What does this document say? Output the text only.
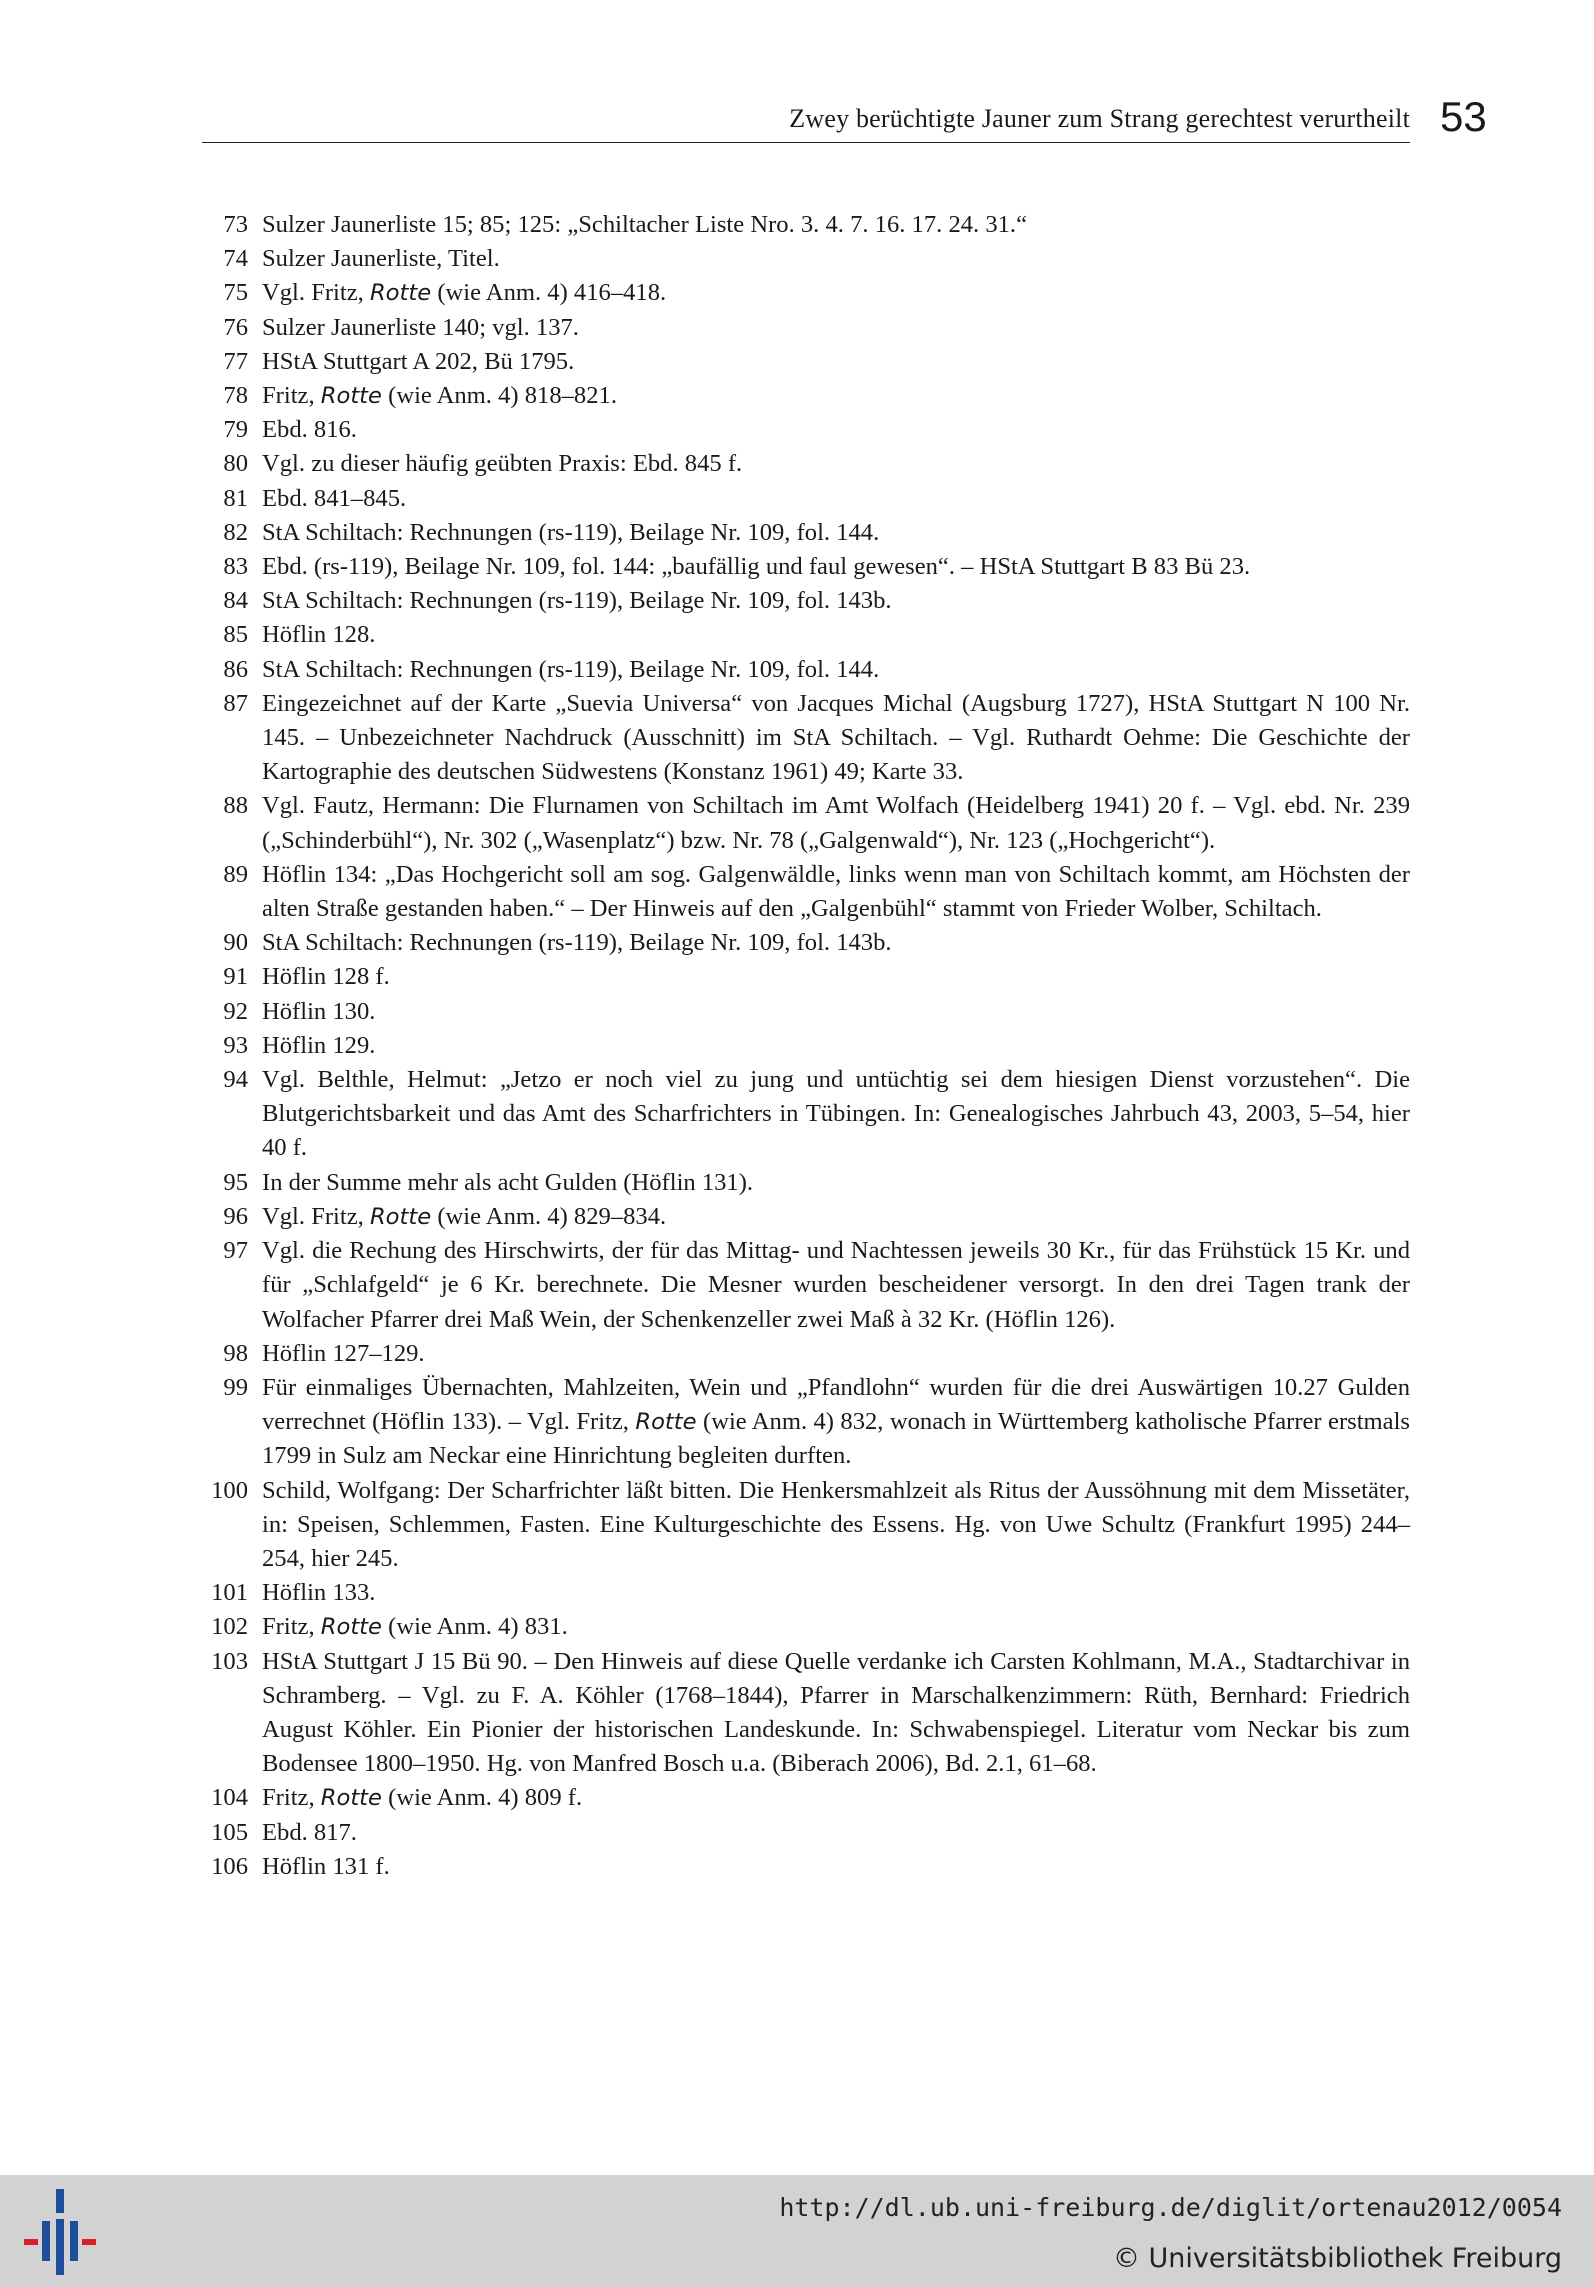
Zwey berüchtigte Jauner zum Strang gerechtest verurtheilt 53
73 Sulzer Jaunerliste 15; 85; 125: „Schiltacher Liste Nro. 3. 4. 7. 16. 17. 24. 31.“
74 Sulzer Jaunerliste, Titel.
75 Vgl. Fritz, Rotte (wie Anm. 4) 416–418.
76 Sulzer Jaunerliste 140; vgl. 137.
77 HStA Stuttgart A 202, Bü 1795.
78 Fritz, Rotte (wie Anm. 4) 818–821.
79 Ebd. 816.
80 Vgl. zu dieser häufig geübten Praxis: Ebd. 845 f.
81 Ebd. 841–845.
82 StA Schiltach: Rechnungen (rs-119), Beilage Nr. 109, fol. 144.
83 Ebd. (rs-119), Beilage Nr. 109, fol. 144: „baufällig und faul gewesen“. – HStA Stuttgart B 83 Bü 23.
84 StA Schiltach: Rechnungen (rs-119), Beilage Nr. 109, fol. 143b.
85 Höflin 128.
86 StA Schiltach: Rechnungen (rs-119), Beilage Nr. 109, fol. 144.
87 Eingezeichnet auf der Karte „Suevia Universa“ von Jacques Michal (Augsburg 1727), HStA Stuttgart N 100 Nr. 145. – Unbezeichneter Nachdruck (Ausschnitt) im StA Schiltach. – Vgl. Ruthardt Oehme: Die Geschichte der Kartographie des deutschen Südwestens (Konstanz 1961) 49; Karte 33.
88 Vgl. Fautz, Hermann: Die Flurnamen von Schiltach im Amt Wolfach (Heidelberg 1941) 20 f. – Vgl. ebd. Nr. 239 („Schinderbühl“), Nr. 302 („Wasenplatz“) bzw. Nr. 78 („Galgenwald“), Nr. 123 („Hochgericht“).
89 Höflin 134: „Das Hochgericht soll am sog. Galgenwäldle, links wenn man von Schiltach kommt, am Höchsten der alten Straße gestanden haben.“ – Der Hinweis auf den „Galgenbühl“ stammt von Frieder Wolber, Schiltach.
90 StA Schiltach: Rechnungen (rs-119), Beilage Nr. 109, fol. 143b.
91 Höflin 128 f.
92 Höflin 130.
93 Höflin 129.
94 Vgl. Belthle, Helmut: „Jetzo er noch viel zu jung und untüchtig sei dem hiesigen Dienst vorzustehen“. Die Blutgerichtsbarkeit und das Amt des Scharfrichters in Tübingen. In: Genealogisches Jahrbuch 43, 2003, 5–54, hier 40 f.
95 In der Summe mehr als acht Gulden (Höflin 131).
96 Vgl. Fritz, Rotte (wie Anm. 4) 829–834.
97 Vgl. die Rechung des Hirschwirts, der für das Mittag- und Nachtessen jeweils 30 Kr., für das Frühstück 15 Kr. und für „Schlafgeld“ je 6 Kr. berechnete. Die Mesner wurden bescheidener versorgt. In den drei Tagen trank der Wolfacher Pfarrer drei Maß Wein, der Schenkenzeller zwei Maß à 32 Kr. (Höflin 126).
98 Höflin 127–129.
99 Für einmaliges Übernachten, Mahlzeiten, Wein und „Pfandlohn“ wurden für die drei Auswärtigen 10.27 Gulden verrechnet (Höflin 133). – Vgl. Fritz, Rotte (wie Anm. 4) 832, wonach in Württemberg katholische Pfarrer erstmals 1799 in Sulz am Neckar eine Hinrichtung begleiten durften.
100 Schild, Wolfgang: Der Scharfrichter läßt bitten. Die Henkersmahlzeit als Ritus der Aussöhnung mit dem Missetäter, in: Speisen, Schlemmen, Fasten. Eine Kulturgeschichte des Essens. Hg. von Uwe Schultz (Frankfurt 1995) 244–254, hier 245.
101 Höflin 133.
102 Fritz, Rotte (wie Anm. 4) 831.
103 HStA Stuttgart J 15 Bü 90. – Den Hinweis auf diese Quelle verdanke ich Carsten Kohlmann, M.A., Stadtarchivar in Schramberg. – Vgl. zu F. A. Köhler (1768–1844), Pfarrer in Marschalkenzimmern: Rüth, Bernhard: Friedrich August Köhler. Ein Pionier der historischen Landeskunde. In: Schwabenspiegel. Literatur vom Neckar bis zum Bodensee 1800–1950. Hg. von Manfred Bosch u.a. (Biberach 2006), Bd. 2.1, 61–68.
104 Fritz, Rotte (wie Anm. 4) 809 f.
105 Ebd. 817.
106 Höflin 131 f.
http://dl.ub.uni-freiburg.de/diglit/ortenau2012/0054
© Universitätsbibliothek Freiburg
